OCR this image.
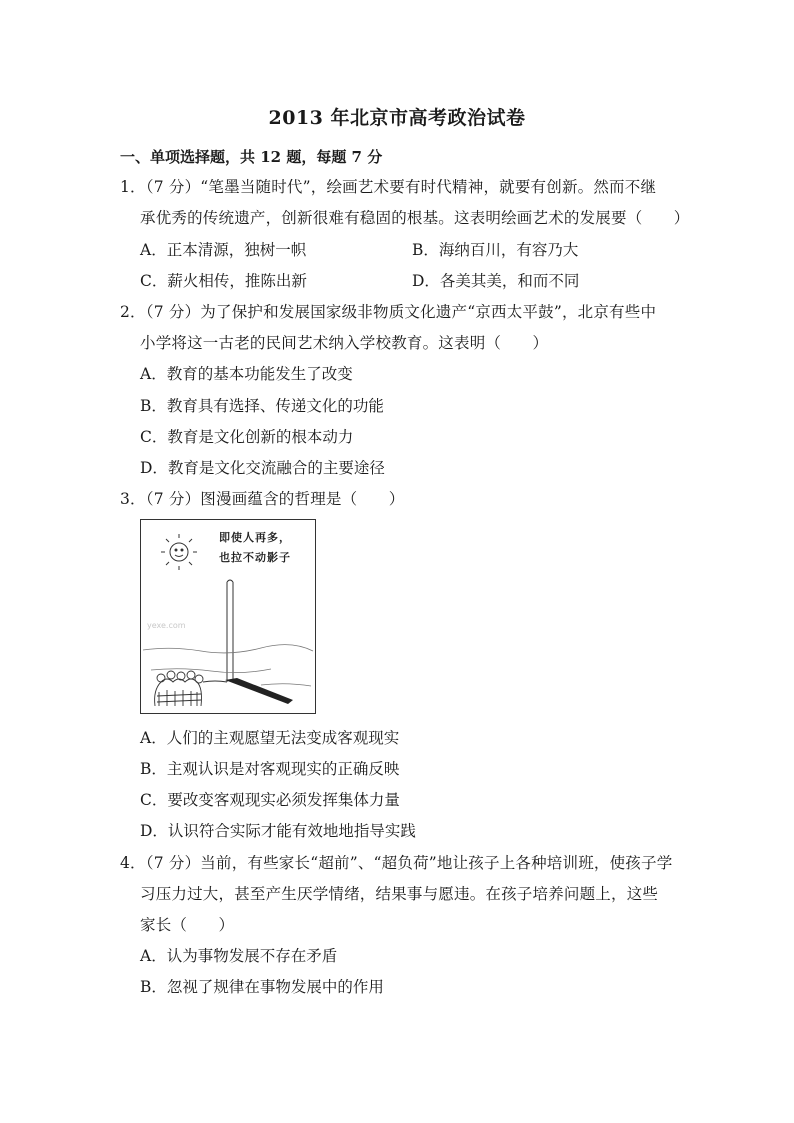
2013 年北京市高考政治试卷
一、单项选择题，共 12 题，每题 7 分
1．（7 分）“笔墨当随时代”，绘画艺术要有时代精神，就要有创新。然而不继
承优秀的传统遗产，创新很难有稳固的根基。这表明绘画艺术的发展要（　　）
A．正本清源，独树一帜	B．海纳百川，有容乃大
C．薪火相传，推陈出新	D．各美其美，和而不同
2．（7 分）为了保护和发展国家级非物质文化遗产“京西太平鼓”，北京有些中
小学将这一古老的民间艺术纳入学校教育。这表明（　　）
A．教育的基本功能发生了改变
B．教育具有选择、传递文化的功能
C．教育是文化创新的根本动力
D．教育是文化交流融合的主要途径
3．（7 分）图漫画蕴含的哲理是（　　）
yexe.com
即使人再多，
也拉不动影子
A．人们的主观愿望无法变成客观现实
B．主观认识是对客观现实的正确反映
C．要改变客观现实必须发挥集体力量
D．认识符合实际才能有效地地指导实践
4．（7 分）当前，有些家长“超前”、“超负荷”地让孩子上各种培训班，使孩子学
习压力过大，甚至产生厌学情绪，结果事与愿违。在孩子培养问题上，这些
家长（　　）
A．认为事物发展不存在矛盾
B．忽视了规律在事物发展中的作用
